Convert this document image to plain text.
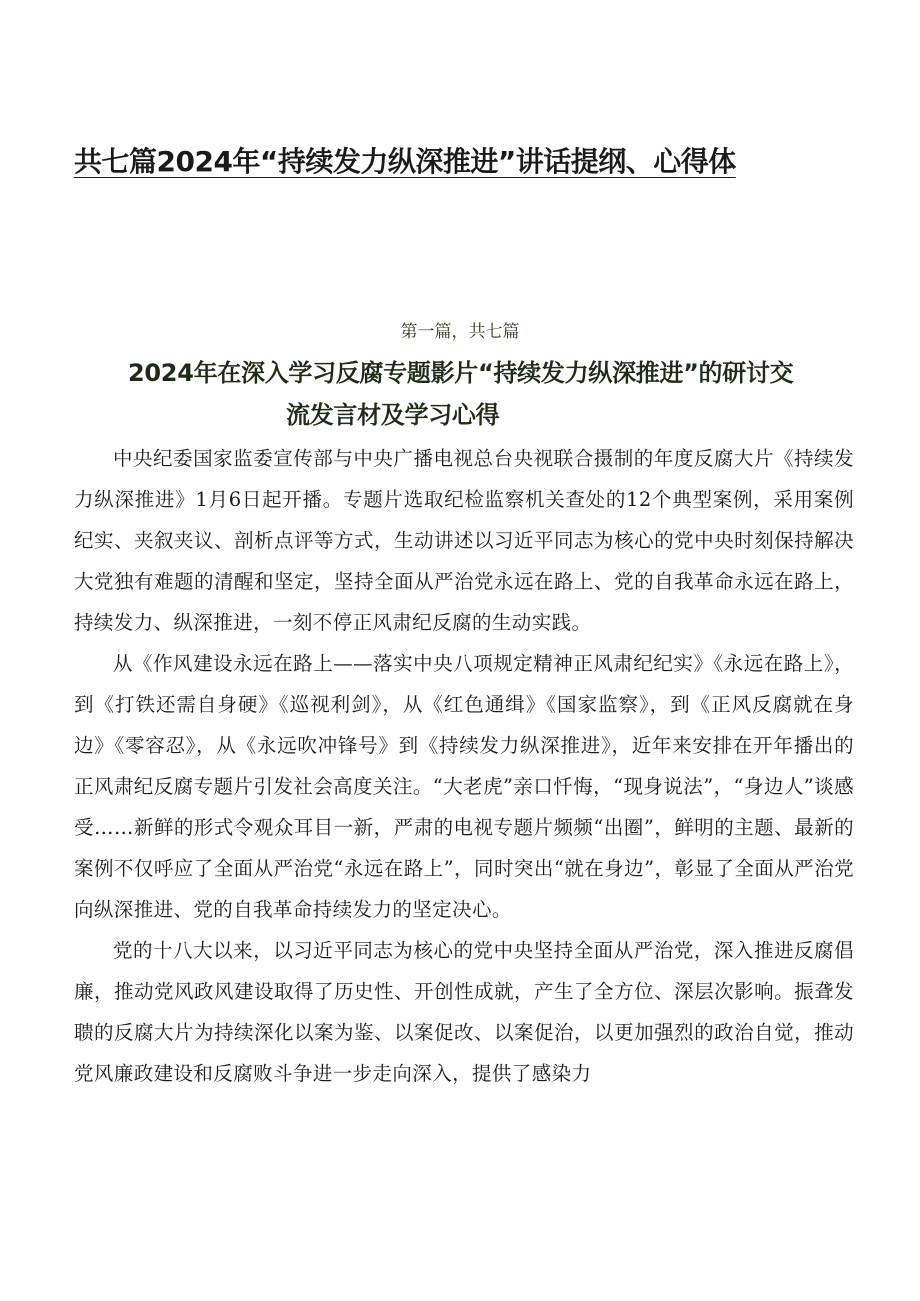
共七篇2024年“持续发力纵深推进”讲话提纲、心得体
第一篇，共七篇
2024年在深入学习反腐专题影片“持续发力纵深推进”的研讨交
流发言材及学习心得

中央纪委国家监委宣传部与中央广播电视总台央视联合摄制的年度反腐大片《持续发力纵深推进》1月6日起开播。专题片选取纪检监察机关查处的12个典型案例，采用案例纪实、夹叙夹议、剖析点评等方式，生动讲述以习近平同志为核心的党中央时刻保持解决大党独有难题的清醒和坚定，坚持全面从严治党永远在路上、党的自我革命永远在路上，持续发力、纵深推进，一刻不停正风肃纪反腐的生动实践。

从《作风建设永远在路上——落实中央八项规定精神正风肃纪纪实》《永远在路上》，到《打铁还需自身硬》《巡视利剑》，从《红色通缉》《国家监察》，到《正风反腐就在身边》《零容忍》，从《永远吹冲锋号》到《持续发力纵深推进》，近年来安排在开年播出的正风肃纪反腐专题片引发社会高度关注。“大老虎”亲口忏悔，“现身说法”，“身边人”谈感受……新鲜的形式令观众耳目一新，严肃的电视专题片频频“出圈”，鲜明的主题、最新的案例不仅呼应了全面从严治党“永远在路上”，同时突出“就在身边”，彰显了全面从严治党向纵深推进、党的自我革命持续发力的坚定决心。

党的十八大以来，以习近平同志为核心的党中央坚持全面从严治党，深入推进反腐倡廉，推动党风政风建设取得了历史性、开创性成就，产生了全方位、深层次影响。振聋发聩的反腐大片为持续深化以案为鉴、以案促改、以案促治，以更加强烈的政治自觉，推动党风廉政建设和反腐败斗争进一步走向深入，提供了感染力
